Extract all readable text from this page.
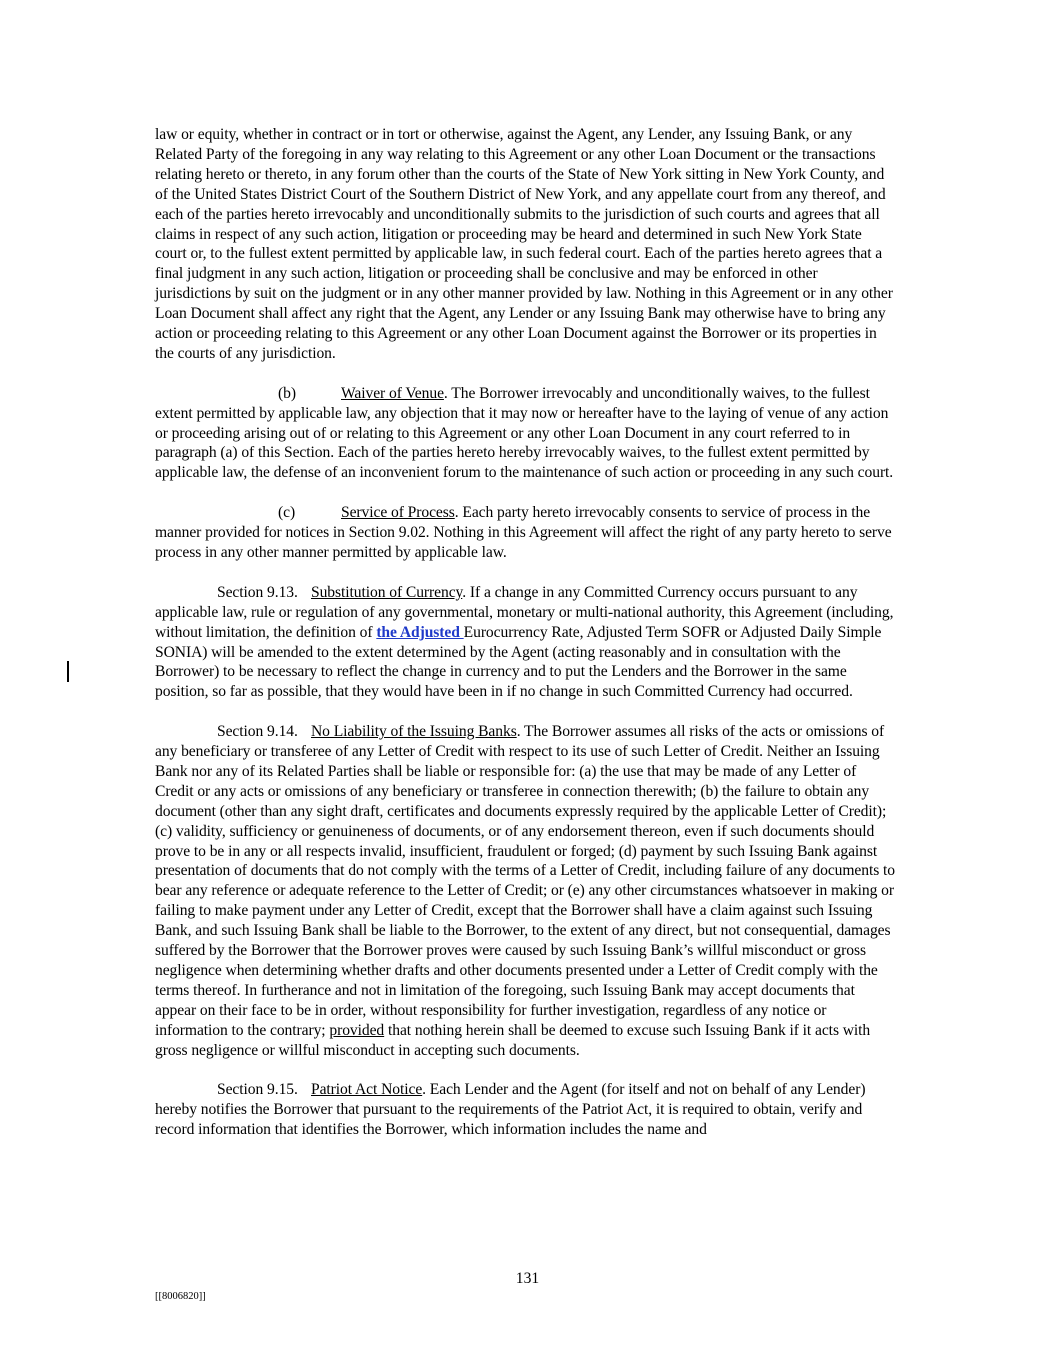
law or equity, whether in contract or in tort or otherwise, against the Agent, any Lender, any Issuing Bank, or any Related Party of the foregoing in any way relating to this Agreement or any other Loan Document or the transactions relating hereto or thereto, in any forum other than the courts of the State of New York sitting in New York County, and of the United States District Court of the Southern District of New York, and any appellate court from any thereof, and each of the parties hereto irrevocably and unconditionally submits to the jurisdiction of such courts and agrees that all claims in respect of any such action, litigation or proceeding may be heard and determined in such New York State court or, to the fullest extent permitted by applicable law, in such federal court. Each of the parties hereto agrees that a final judgment in any such action, litigation or proceeding shall be conclusive and may be enforced in other jurisdictions by suit on the judgment or in any other manner provided by law. Nothing in this Agreement or in any other Loan Document shall affect any right that the Agent, any Lender or any Issuing Bank may otherwise have to bring any action or proceeding relating to this Agreement or any other Loan Document against the Borrower or its properties in the courts of any jurisdiction.

(b)	Waiver of Venue. The Borrower irrevocably and unconditionally waives, to the fullest extent permitted by applicable law, any objection that it may now or hereafter have to the laying of venue of any action or proceeding arising out of or relating to this Agreement or any other Loan Document in any court referred to in paragraph (a) of this Section. Each of the parties hereto hereby irrevocably waives, to the fullest extent permitted by applicable law, the defense of an inconvenient forum to the maintenance of such action or proceeding in any such court.

(c)	Service of Process. Each party hereto irrevocably consents to service of process in the manner provided for notices in Section 9.02. Nothing in this Agreement will affect the right of any party hereto to serve process in any other manner permitted by applicable law.

Section 9.13. Substitution of Currency. If a change in any Committed Currency occurs pursuant to any applicable law, rule or regulation of any governmental, monetary or multi-national authority, this Agreement (including, without limitation, the definition of the Adjusted Eurocurrency Rate, Adjusted Term SOFR or Adjusted Daily Simple SONIA) will be amended to the extent determined by the Agent (acting reasonably and in consultation with the Borrower) to be necessary to reflect the change in currency and to put the Lenders and the Borrower in the same position, so far as possible, that they would have been in if no change in such Committed Currency had occurred.

Section 9.14. No Liability of the Issuing Banks. The Borrower assumes all risks of the acts or omissions of any beneficiary or transferee of any Letter of Credit with respect to its use of such Letter of Credit. Neither an Issuing Bank nor any of its Related Parties shall be liable or responsible for: (a) the use that may be made of any Letter of Credit or any acts or omissions of any beneficiary or transferee in connection therewith; (b) the failure to obtain any document (other than any sight draft, certificates and documents expressly required by the applicable Letter of Credit); (c) validity, sufficiency or genuineness of documents, or of any endorsement thereon, even if such documents should prove to be in any or all respects invalid, insufficient, fraudulent or forged; (d) payment by such Issuing Bank against presentation of documents that do not comply with the terms of a Letter of Credit, including failure of any documents to bear any reference or adequate reference to the Letter of Credit; or (e) any other circumstances whatsoever in making or failing to make payment under any Letter of Credit, except that the Borrower shall have a claim against such Issuing Bank, and such Issuing Bank shall be liable to the Borrower, to the extent of any direct, but not consequential, damages suffered by the Borrower that the Borrower proves were caused by such Issuing Bank’s willful misconduct or gross negligence when determining whether drafts and other documents presented under a Letter of Credit comply with the terms thereof. In furtherance and not in limitation of the foregoing, such Issuing Bank may accept documents that appear on their face to be in order, without responsibility for further investigation, regardless of any notice or information to the contrary; provided that nothing herein shall be deemed to excuse such Issuing Bank if it acts with gross negligence or willful misconduct in accepting such documents.

Section 9.15. Patriot Act Notice. Each Lender and the Agent (for itself and not on behalf of any Lender) hereby notifies the Borrower that pursuant to the requirements of the Patriot Act, it is required to obtain, verify and record information that identifies the Borrower, which information includes the name and

131
[[8006820]]
